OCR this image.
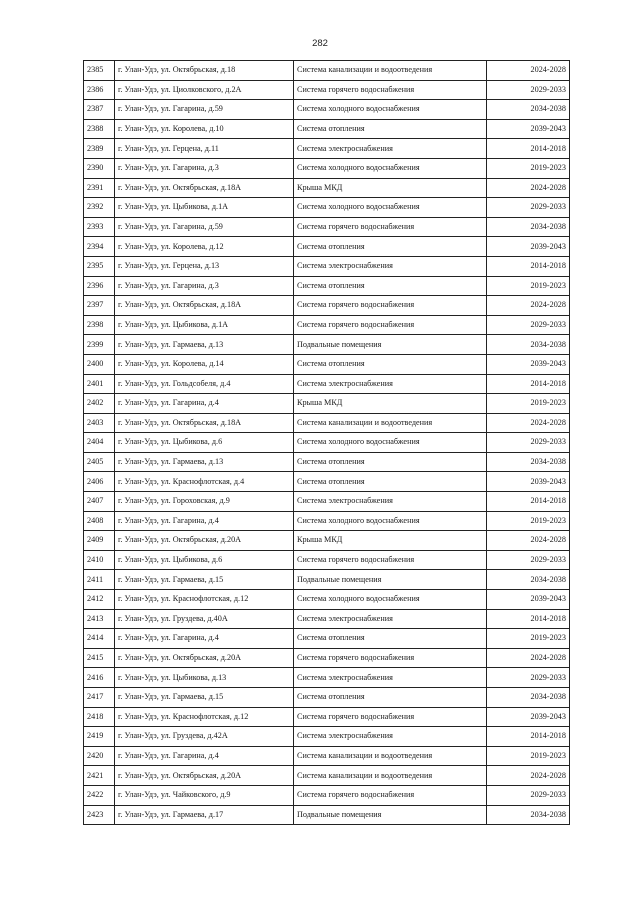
282
2385	г. Улан-Удэ, ул. Октябрьская, д.18	Система канализации и водоотведения	2024-2028
2386	г. Улан-Удэ, ул. Циолковского, д.2А	Система горячего водоснабжения	2029-2033
2387	г. Улан-Удэ, ул. Гагарина, д.59	Система холодного водоснабжения	2034-2038
2388	г. Улан-Удэ, ул. Королева, д.10	Система отопления	2039-2043
2389	г. Улан-Удэ, ул. Герцена, д.11	Система электроснабжения	2014-2018
2390	г. Улан-Удэ, ул. Гагарина, д.3	Система холодного водоснабжения	2019-2023
2391	г. Улан-Удэ, ул. Октябрьская, д.18А	Крыша МКД	2024-2028
2392	г. Улан-Удэ, ул. Цыбикова, д.1А	Система холодного водоснабжения	2029-2033
2393	г. Улан-Удэ, ул. Гагарина, д.59	Система горячего водоснабжения	2034-2038
2394	г. Улан-Удэ, ул. Королева, д.12	Система отопления	2039-2043
2395	г. Улан-Удэ, ул. Герцена, д.13	Система электроснабжения	2014-2018
2396	г. Улан-Удэ, ул. Гагарина, д.3	Система отопления	2019-2023
2397	г. Улан-Удэ, ул. Октябрьская, д.18А	Система горячего водоснабжения	2024-2028
2398	г. Улан-Удэ, ул. Цыбикова, д.1А	Система горячего водоснабжения	2029-2033
2399	г. Улан-Удэ, ул. Гармаева, д.13	Подвальные помещения	2034-2038
2400	г. Улан-Удэ, ул. Королева, д.14	Система отопления	2039-2043
2401	г. Улан-Удэ, ул. Гольдсобеля, д.4	Система электроснабжения	2014-2018
2402	г. Улан-Удэ, ул. Гагарина, д.4	Крыша МКД	2019-2023
2403	г. Улан-Удэ, ул. Октябрьская, д.18А	Система канализации и водоотведения	2024-2028
2404	г. Улан-Удэ, ул. Цыбикова, д.6	Система холодного водоснабжения	2029-2033
2405	г. Улан-Удэ, ул. Гармаева, д.13	Система отопления	2034-2038
2406	г. Улан-Удэ, ул. Краснофлотская, д.4	Система отопления	2039-2043
2407	г. Улан-Удэ, ул. Гороховская, д.9	Система электроснабжения	2014-2018
2408	г. Улан-Удэ, ул. Гагарина, д.4	Система холодного водоснабжения	2019-2023
2409	г. Улан-Удэ, ул. Октябрьская, д.20А	Крыша МКД	2024-2028
2410	г. Улан-Удэ, ул. Цыбикова, д.6	Система горячего водоснабжения	2029-2033
2411	г. Улан-Удэ, ул. Гармаева, д.15	Подвальные помещения	2034-2038
2412	г. Улан-Удэ, ул. Краснофлотская, д.12	Система холодного водоснабжения	2039-2043
2413	г. Улан-Удэ, ул. Груздева, д.40А	Система электроснабжения	2014-2018
2414	г. Улан-Удэ, ул. Гагарина, д.4	Система отопления	2019-2023
2415	г. Улан-Удэ, ул. Октябрьская, д.20А	Система горячего водоснабжения	2024-2028
2416	г. Улан-Удэ, ул. Цыбикова, д.13	Система электроснабжения	2029-2033
2417	г. Улан-Удэ, ул. Гармаева, д.15	Система отопления	2034-2038
2418	г. Улан-Удэ, ул. Краснофлотская, д.12	Система горячего водоснабжения	2039-2043
2419	г. Улан-Удэ, ул. Груздева, д.42А	Система электроснабжения	2014-2018
2420	г. Улан-Удэ, ул. Гагарина, д.4	Система канализации и водоотведения	2019-2023
2421	г. Улан-Удэ, ул. Октябрьская, д.20А	Система канализации и водоотведения	2024-2028
2422	г. Улан-Удэ, ул. Чайковского, д.9	Система горячего водоснабжения	2029-2033
2423	г. Улан-Удэ, ул. Гармаева, д.17	Подвальные помещения	2034-2038
